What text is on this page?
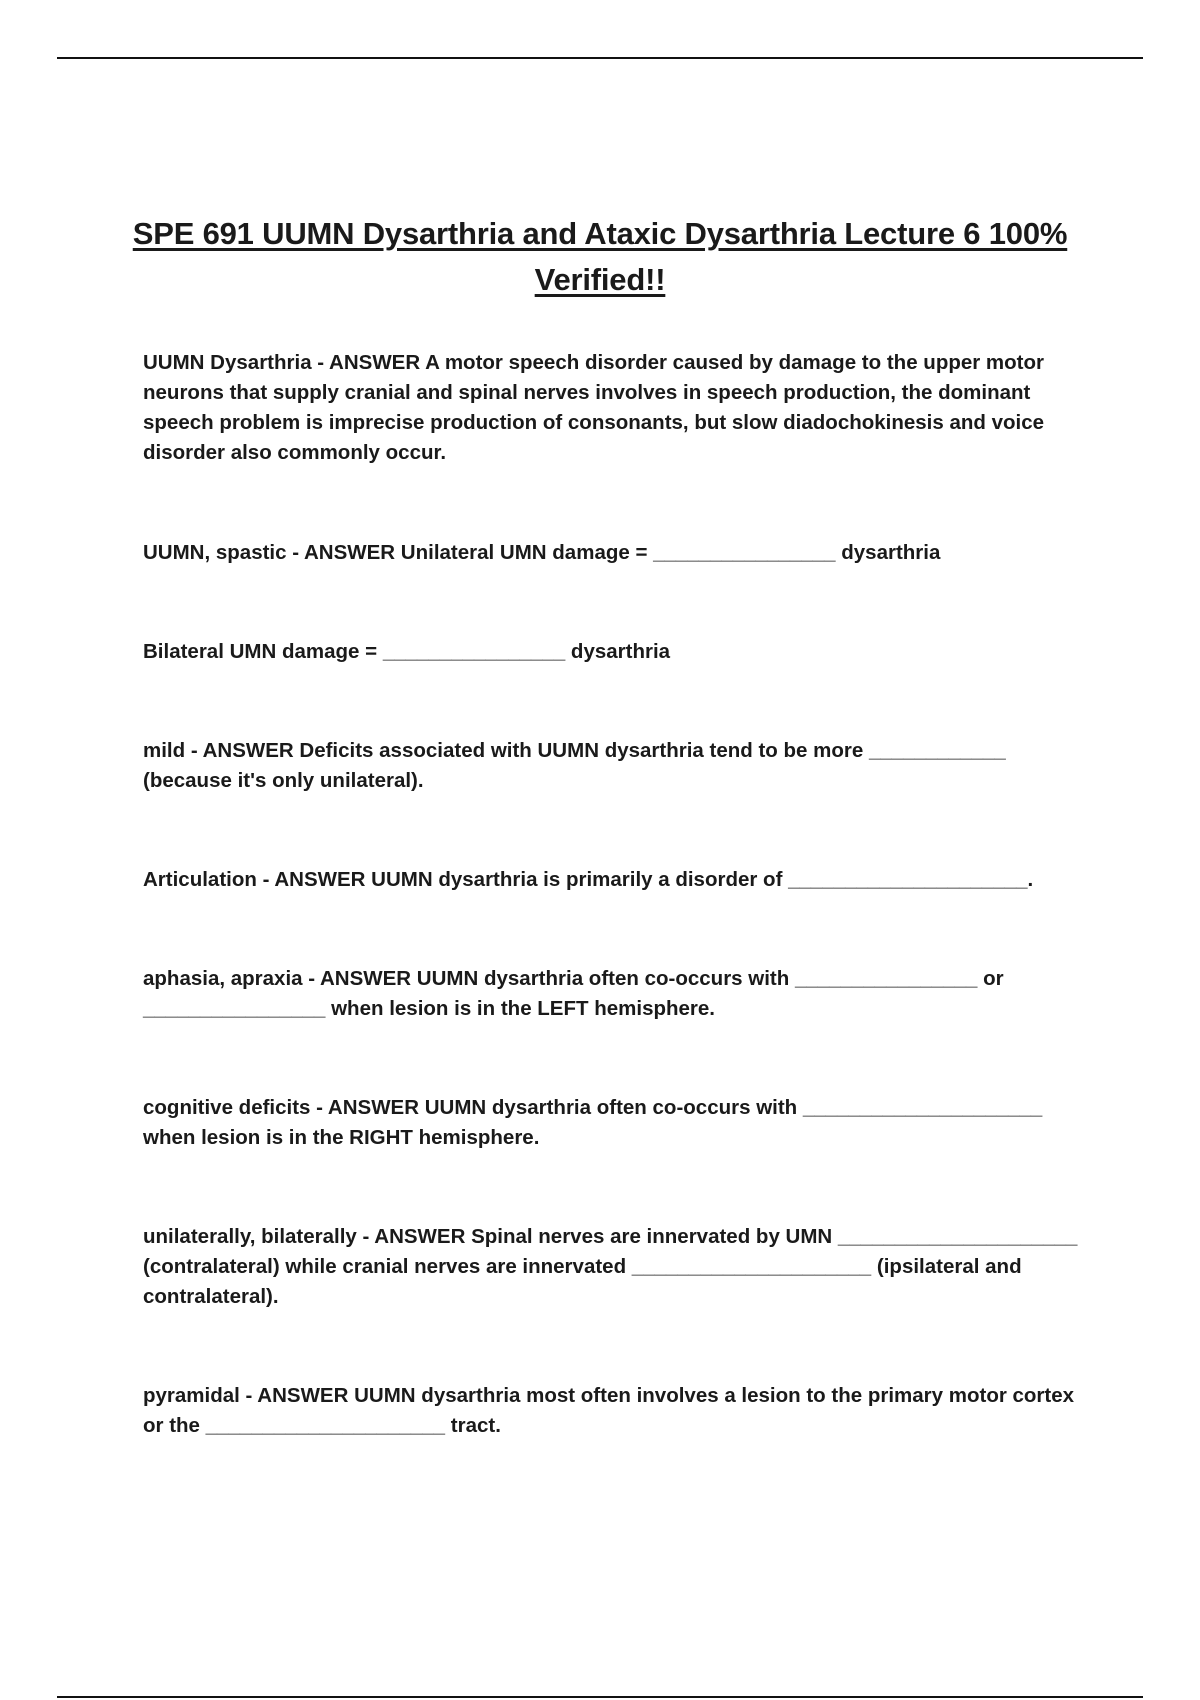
SPE 691 UUMN Dysarthria and Ataxic Dysarthria Lecture 6 100% Verified!!

UUMN Dysarthria - ANSWER A motor speech disorder caused by damage to the upper motor neurons that supply cranial and spinal nerves involves in speech production, the dominant speech problem is imprecise production of consonants, but slow diadochokinesis and voice disorder also commonly occur.

UUMN, spastic - ANSWER Unilateral UMN damage = ________________ dysarthria

Bilateral UMN damage = ________________ dysarthria

mild - ANSWER Deficits associated with UUMN dysarthria tend to be more ____________ (because it's only unilateral).

Articulation - ANSWER UUMN dysarthria is primarily a disorder of _____________________.

aphasia, apraxia - ANSWER UUMN dysarthria often co-occurs with ________________ or ________________ when lesion is in the LEFT hemisphere.

cognitive deficits - ANSWER UUMN dysarthria often co-occurs with _____________________ when lesion is in the RIGHT hemisphere.

unilaterally, bilaterally - ANSWER Spinal nerves are innervated by UMN _____________________ (contralateral) while cranial nerves are innervated _____________________ (ipsilateral and contralateral).

pyramidal - ANSWER UUMN dysarthria most often involves a lesion to the primary motor cortex or the _____________________ tract.
